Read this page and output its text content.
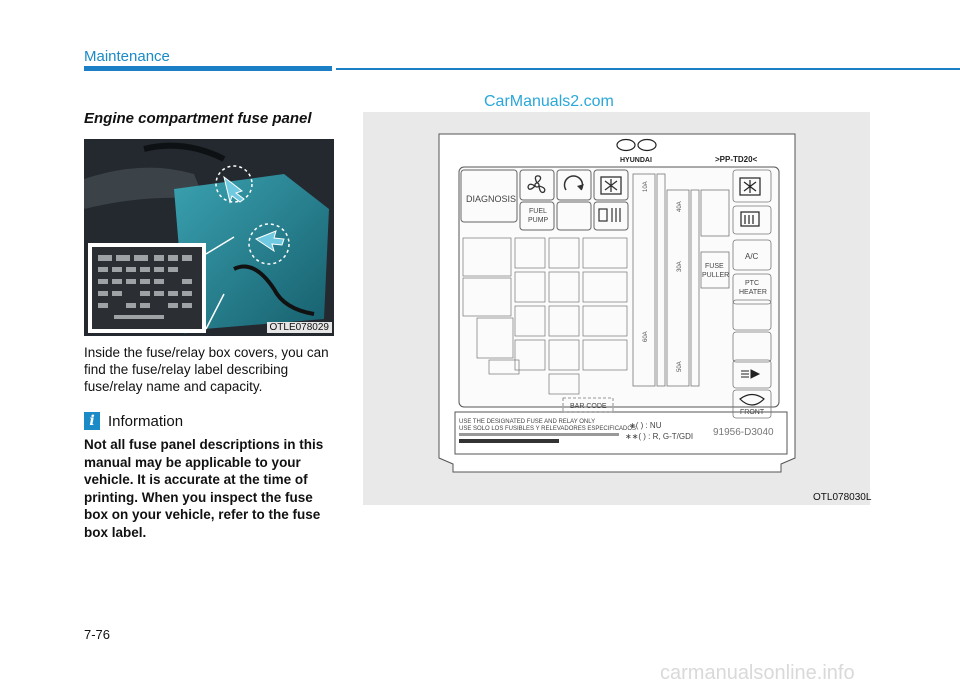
Maintenance
CarManuals2.com
Engine compartment fuse panel
OTLE078029
Inside the fuse/relay box covers, you can find the fuse/relay label describing fuse/relay name and capacity.
i Information
Not all fuse panel descriptions in this manual may be applicable to your vehicle. It is accurate at the time of printing. When you inspect the fuse box on your vehicle, refer to the fuse box label.
HYUNDAI	>PP-TD20<
DIAGNOSIS
FUEL
PUMP
A/C
PTC
HEATER
FRONT
FUSE
PULLER
BAR CODE
10A
40A
30A
60A
50A
∗( ) : NU
∗∗( ) : R, G-T/GDI
USE THE DESIGNATED FUSE AND RELAY ONLY
USE SOLO LOS FUSIBLES Y RELEVADORES ESPECIFICADOS	91956-D3040
OTL078030L
7-76
carmanualsonline.info
